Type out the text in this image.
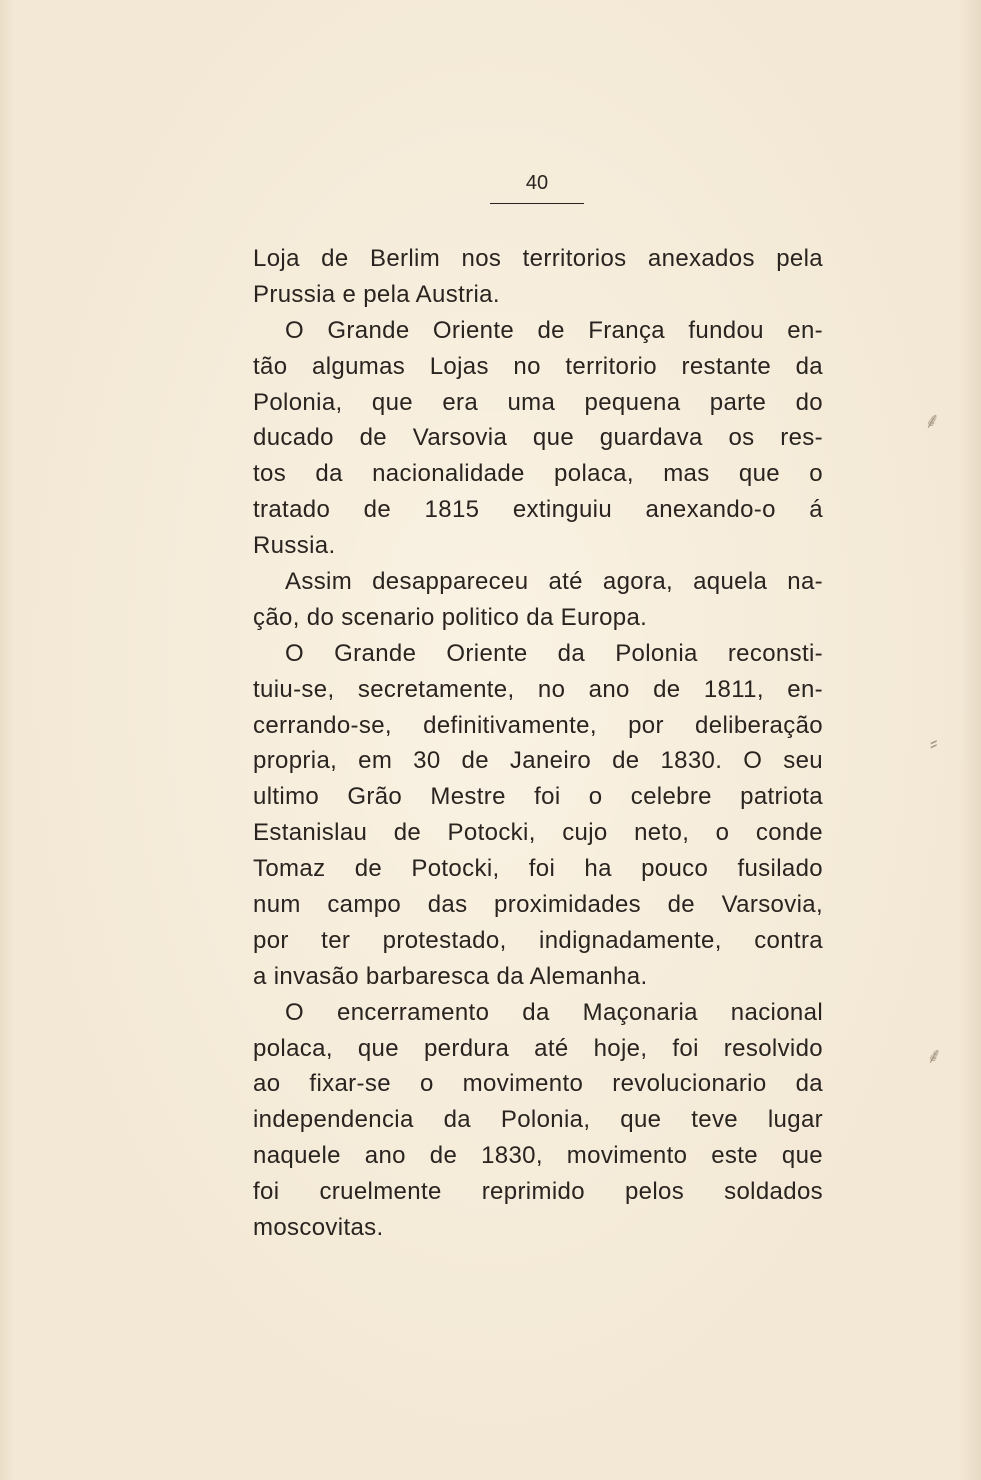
40
Loja de Berlim nos territorios anexados pela
Prussia e pela Austria.
O Grande Oriente de França fundou en-
tão algumas Lojas no territorio restante da
Polonia, que era uma pequena parte do
ducado de Varsovia que guardava os res-
tos da nacionalidade polaca, mas que o
tratado de 1815 extinguiu anexando-o á
Russia.
Assim desappareceu até agora, aquela na-
ção, do scenario politico da Europa.
O Grande Oriente da Polonia reconsti-
tuiu-se, secretamente, no ano de 1811, en-
cerrando-se, definitivamente, por deliberação
propria, em 30 de Janeiro de 1830. O seu
ultimo Grão Mestre foi o celebre patriota
Estanislau de Potocki, cujo neto, o conde
Tomaz de Potocki, foi ha pouco fusilado
num campo das proximidades de Varsovia,
por ter protestado, indignadamente, contra
a invasão barbaresca da Alemanha.
O encerramento da Maçonaria nacional
polaca, que perdura até hoje, foi resolvido
ao fixar-se o movimento revolucionario da
independencia da Polonia, que teve lugar
naquele ano de 1830, movimento este que
foi cruelmente reprimido pelos soldados
moscovitas.
⸙
⸗
⸙
